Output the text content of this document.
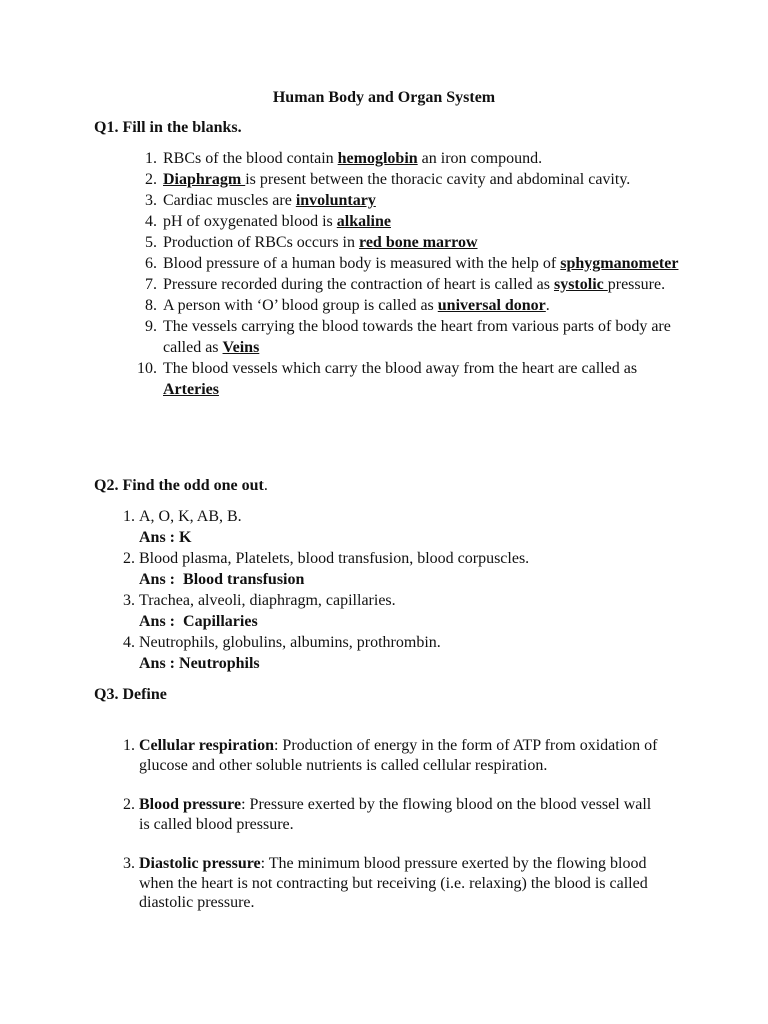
Human Body and Organ System
Q1. Fill in the blanks.
1. RBCs of the blood contain hemoglobin an iron compound.
2. Diaphragm is present between the thoracic cavity and abdominal cavity.
3. Cardiac muscles are involuntary
4. pH of oxygenated blood is alkaline
5. Production of RBCs occurs in red bone marrow
6. Blood pressure of a human body is measured with the help of sphygmanometer
7. Pressure recorded during the contraction of heart is called as systolic pressure.
8. A person with ‘O’ blood group is called as universal donor.
9. The vessels carrying the blood towards the heart from various parts of body are called as Veins
10. The blood vessels which carry the blood away from the heart are called as Arteries
Q2. Find the odd one out.
1. A, O, K, AB, B.
Ans : K
2. Blood plasma, Platelets, blood transfusion, blood corpuscles.
Ans :  Blood transfusion
3. Trachea, alveoli, diaphragm, capillaries.
Ans :  Capillaries
4. Neutrophils, globulins, albumins, prothrombin.
Ans : Neutrophils
Q3. Define
1. Cellular respiration: Production of energy in the form of ATP from oxidation of glucose and other soluble nutrients is called cellular respiration.
2. Blood pressure: Pressure exerted by the flowing blood on the blood vessel wall is called blood pressure.
3. Diastolic pressure: The minimum blood pressure exerted by the flowing blood when the heart is not contracting but receiving (i.e. relaxing) the blood is called diastolic pressure.
